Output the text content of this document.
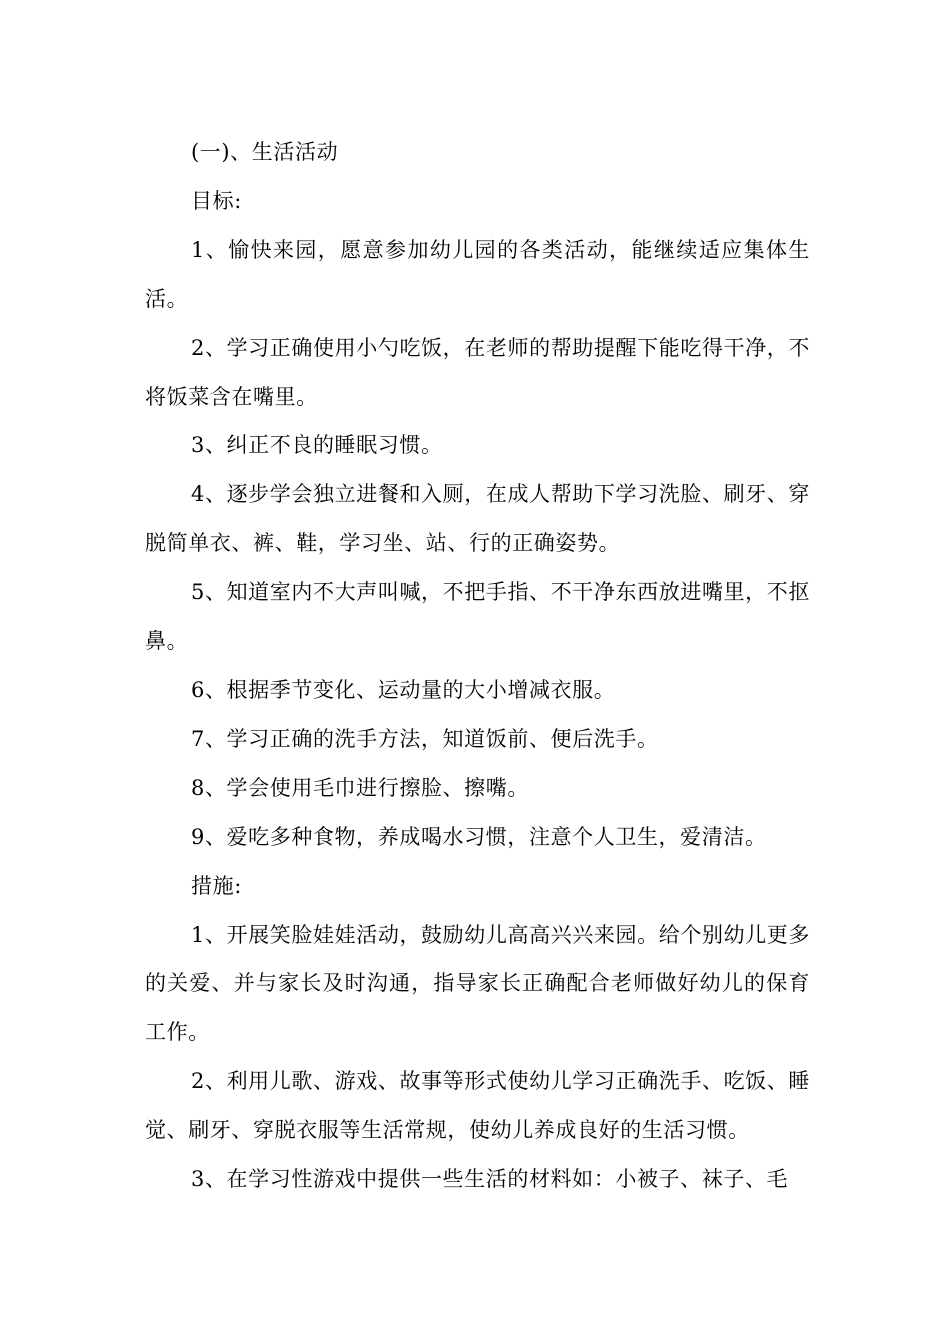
(一)、生活活动

目标:

1、愉快来园，愿意参加幼儿园的各类活动，能继续适应集体生活。

2、学习正确使用小勺吃饭，在老师的帮助提醒下能吃得干净，不将饭菜含在嘴里。

3、纠正不良的睡眠习惯。

4、逐步学会独立进餐和入厕，在成人帮助下学习洗脸、刷牙、穿脱简单衣、裤、鞋，学习坐、站、行的正确姿势。

5、知道室内不大声叫喊，不把手指、不干净东西放进嘴里，不抠鼻。

6、根据季节变化、运动量的大小增减衣服。

7、学习正确的洗手方法，知道饭前、便后洗手。

8、学会使用毛巾进行擦脸、擦嘴。

9、爱吃多种食物，养成喝水习惯，注意个人卫生，爱清洁。

措施:

1、开展笑脸娃娃活动，鼓励幼儿高高兴兴来园。给个别幼儿更多的关爱、并与家长及时沟通，指导家长正确配合老师做好幼儿的保育工作。

2、利用儿歌、游戏、故事等形式使幼儿学习正确洗手、吃饭、睡觉、刷牙、穿脱衣服等生活常规，使幼儿养成良好的生活习惯。

3、在学习性游戏中提供一些生活的材料如：小被子、袜子、毛
